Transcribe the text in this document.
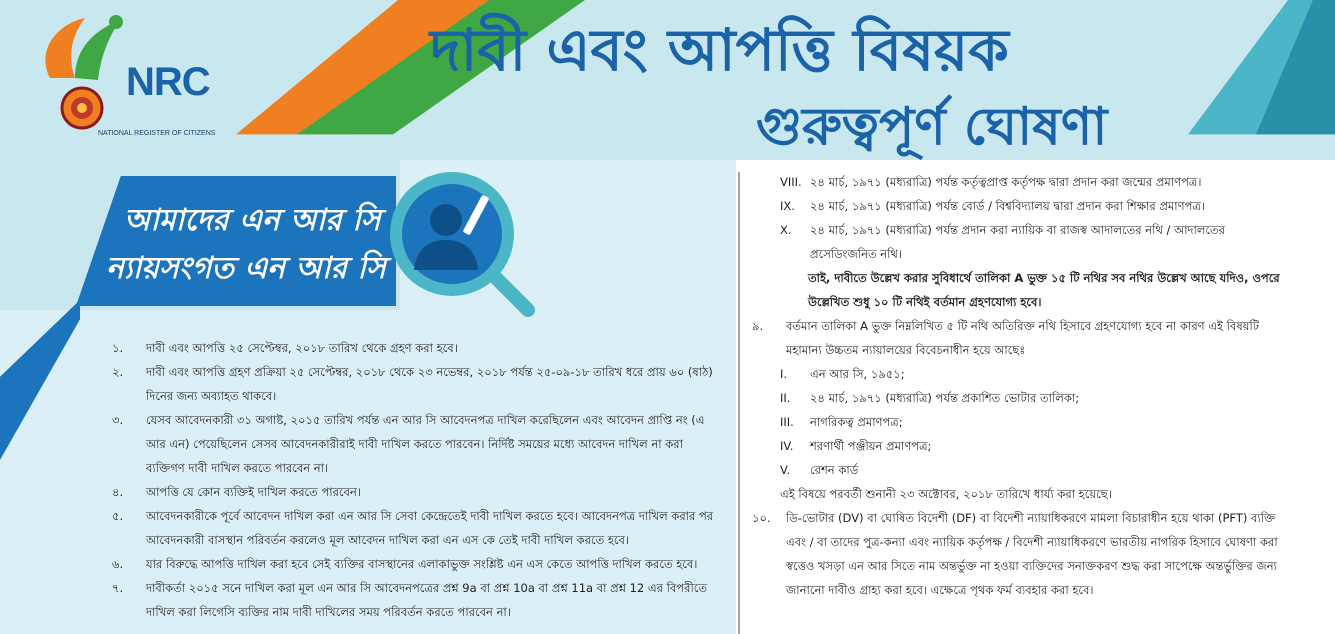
NRC
NATIONAL REGISTER OF CITIZENS
দাবী এবং আপত্তি বিষয়ক
গুরুত্বপূর্ণ ঘোষণা
আমাদের এন আর সি
ন্যায়সংগত এন আর সি
১.	দাবী এবং আপত্তি ২৫ সেপ্টেম্বর, ২০১৮ তারিখ থেকে গ্রহণ করা হবে।
২.	দাবী এবং আপত্তি গ্রহণ প্রক্রিয়া ২৫ সেপ্টেম্বর, ২০১৮ থেকে ২৩ নভেম্বর, ২০১৮ পর্যন্ত ২৫-০৯-১৮ তারিখ ধরে প্রায় ৬০ (ষাঠ) দিনের জন্য অব্যাহত থাকবে।
৩.	যেসব আবেদনকারী ৩১ অগাষ্ট, ২০১৫ তারিখ পর্যন্ত এন আর সি আবেদনপত্র দাখিল করেছিলেন এবং আবেদন প্রাপ্তি নং (এ আর এন) পেয়েছিলেন সেসব আবেদনকারীরাই দাবী দাখিল করতে পারবেন। নির্দিষ্ট সময়ের মধ্যে আবেদন দাখিল না করা ব্যক্তিগণ দাবী দাখিল করতে পারবেন না।
৪.	আপত্তি যে কোন ব্যক্তিই দাখিল করতে পারবেন।
৫.	আবেদনকারীকে পূর্বে আবেদন দাখিল করা এন আর সি সেবা কেন্দ্রেতেই দাবী দাখিল করতে হবে। আবেদনপত্র দাখিল করার পর আবেদনকারী বাসস্থান পরিবর্তন করলেও মূল আবেদন দাখিল করা এন এস কে তেই দাবী দাখিল করতে হবে।
৬.	যার বিরুদ্ধে আপত্তি দাখিল করা হবে সেই ব্যক্তির বাসস্থানের এলাকাভুক্ত সংশ্লিষ্ট এন এস কেতে আপত্তি দাখিল করতে হবে।
৭.	দাবীকর্তা ২০১৫ সনে দাখিল করা মূল এন আর সি আবেদনপত্রের প্রশ্ন 9a বা প্রশ্ন 10a বা প্রশ্ন 11a বা প্রশ্ন 12 এর বিপরীতে দাখিল করা লিগেসি ব্যক্তির নাম দাবী দাখিলের সময় পরিবর্তন করতে পারবেন না।
VIII. ২৪ মার্চ, ১৯৭১ (মধ্যরাত্রি) পর্যন্ত কর্তৃত্বপ্রাপ্ত কর্তৃপক্ষ দ্বারা প্রদান করা জন্মের প্রমাণপত্র।
IX.	২৪ মার্চ, ১৯৭১ (মধ্যরাত্রি) পর্যন্ত বোর্ড / বিশ্ববিদ্যালয় দ্বারা প্রদান করা শিক্ষার প্রমাণপত্র।
X.	২৪ মার্চ, ১৯৭১ (মধ্যরাত্রি) পর্যন্ত প্রদান করা ন্যায়িক বা রাজস্ব আদালতের নথি / আদালতের প্রসেডিংজনিত নথি।
তাই, দাবীতে উল্লেখ করার সুবিধার্থে তালিকা A ভুক্ত ১৫ টি নথির সব নথির উল্লেখ আছে যদিও, ওপরে উল্লেখিত শুধু ১০ টি নথিই বর্তমান গ্রহণযোগ্য হবে।
৯.	বর্তমান তালিকা A ভুক্ত নিম্নলিখিত ৫ টি নথি অতিরিক্ত নথি হিসাবে গ্রহণযোগ্য হবে না কারণ এই বিষয়টি মহামান্য উচ্চতম ন্যায়ালয়ের বিবেচনাধীন হয়ে আছেঃ
I.	এন আর সি, ১৯৫১;
II.	২৪ মার্চ, ১৯৭১ (মধ্যরাত্রি) পর্যন্ত প্রকাশিত ভোটার তালিকা;
III.	নাগরিকত্ব প্রমাণপত্র;
IV.	শরণার্থী পঞ্জীয়ন প্রমাণপত্র;
V.	রেশন কার্ড
এই বিষয়ে পরবর্তী শুনানী ২৩ অক্টোবর, ২০১৮ তারিখে ধার্য্য করা হয়েছে।
১০.	ডি-ভোটার (DV) বা ঘোষিত বিদেশী (DF) বা বিদেশী ন্যায়াধিকরণে মামলা বিচারাধীন হয়ে থাকা (PFT) ব্যক্তি এবং / বা তাদের পুত্র-কন্যা এবং ন্যায়িক কর্তৃপক্ষ / বিদেশী ন্যায়াধিকরণে ভারতীয় নাগরিক হিসাবে ঘোষণা করা স্বত্তেও খসড়া এন আর সিতে নাম অন্তর্ভুক্ত না হওয়া ব্যক্তিদের সনাক্তকরণ শুদ্ধ করা সাপেক্ষে অন্তর্ভুক্তির জন্য জানানো দাবীও গ্রাহ্য করা হবে। এক্ষেত্রে পৃথক ফর্ম ব্যবহার করা হবে।
